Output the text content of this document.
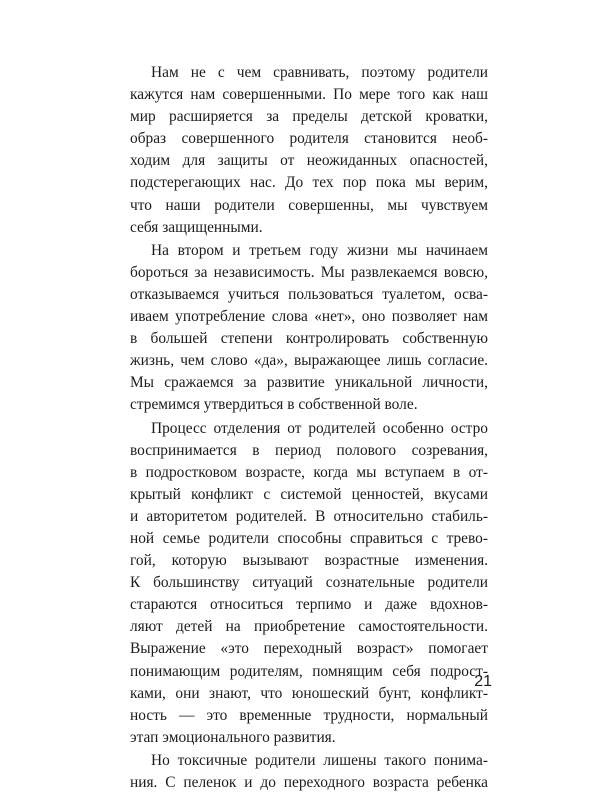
Нам не с чем сравнивать, поэтому родители
кажутся нам совершенными. По мере того как наш
мир расширяется за пределы детской кроватки,
образ совершенного родителя становится необ-
ходим для защиты от неожиданных опасностей,
подстерегающих нас. До тех пор пока мы верим,
что наши родители совершенны, мы чувствуем
себя защищенными.
На втором и третьем году жизни мы начинаем
бороться за независимость. Мы развлекаемся вовсю,
отказываемся учиться пользоваться туалетом, осва-
иваем употребление слова «нет», оно позволяет нам
в большей степени контролировать собственную
жизнь, чем слово «да», выражающее лишь согласие.
Мы сражаемся за развитие уникальной личности,
стремимся утвердиться в собственной воле.
Процесс отделения от родителей особенно остро
воспринимается в период полового созревания,
в подростковом возрасте, когда мы вступаем в от-
крытый конфликт с системой ценностей, вкусами
и авторитетом родителей. В относительно стабиль-
ной семье родители способны справиться с трево-
гой, которую вызывают возрастные изменения.
К большинству ситуаций сознательные родители
стараются относиться терпимо и даже вдохнов-
ляют детей на приобретение самостоятельности.
Выражение «это переходный возраст» помогает
понимающим родителям, помнящим себя подрост-
ками, они знают, что юношеский бунт, конфликт-
ность — это временные трудности, нормальный
этап эмоционального развития.
Но токсичные родители лишены такого понима-
ния. С пеленок и до переходного возраста ребенка
21
